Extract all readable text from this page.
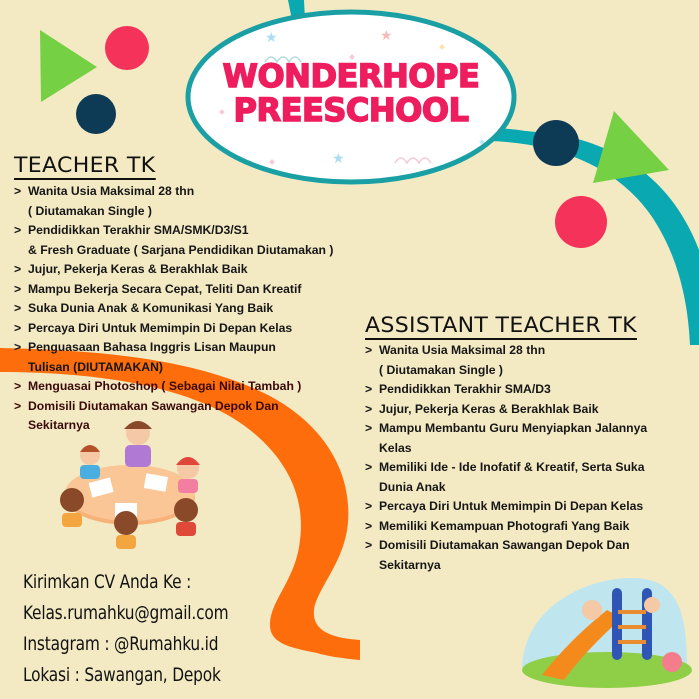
★	★
★
WONDERHOPE
PREESCHOOL
TEACHER TK
> Wanita Usia Maksimal 28 thn
( Diutamakan Single )
> Pendidikkan Terakhir SMA/SMK/D3/S1
& Fresh Graduate ( Sarjana Pendidikan Diutamakan )
> Jujur, Pekerja Keras & Berakhlak Baik
> Mampu Bekerja Secara Cepat, Teliti Dan Kreatif
> Suka Dunia Anak & Komunikasi Yang Baik
> Percaya Diri Untuk Memimpin Di Depan Kelas
> Penguasaan Bahasa Inggris Lisan Maupun
Tulisan (DIUTAMAKAN)
> Menguasai Photoshop ( Sebagai Nilai Tambah )
> Domisili Diutamakan Sawangan Depok Dan
Sekitarnya
ASSISTANT TEACHER TK
> Wanita Usia Maksimal 28 thn
( Diutamakan Single )
> Pendidikkan Terakhir SMA/D3
> Jujur, Pekerja Keras & Berakhlak Baik
> Mampu Membantu Guru Menyiapkan Jalannya
Kelas
> Memiliki Ide - Ide Inofatif & Kreatif, Serta Suka
Dunia Anak
> Percaya Diri Untuk Memimpin Di Depan Kelas
> Memiliki Kemampuan Photografi Yang Baik
> Domisili Diutamakan Sawangan Depok Dan
Sekitarnya
Kirimkan CV Anda Ke :
Kelas.rumahku@gmail.com
Instagram : @Rumahku.id
Lokasi : Sawangan, Depok
